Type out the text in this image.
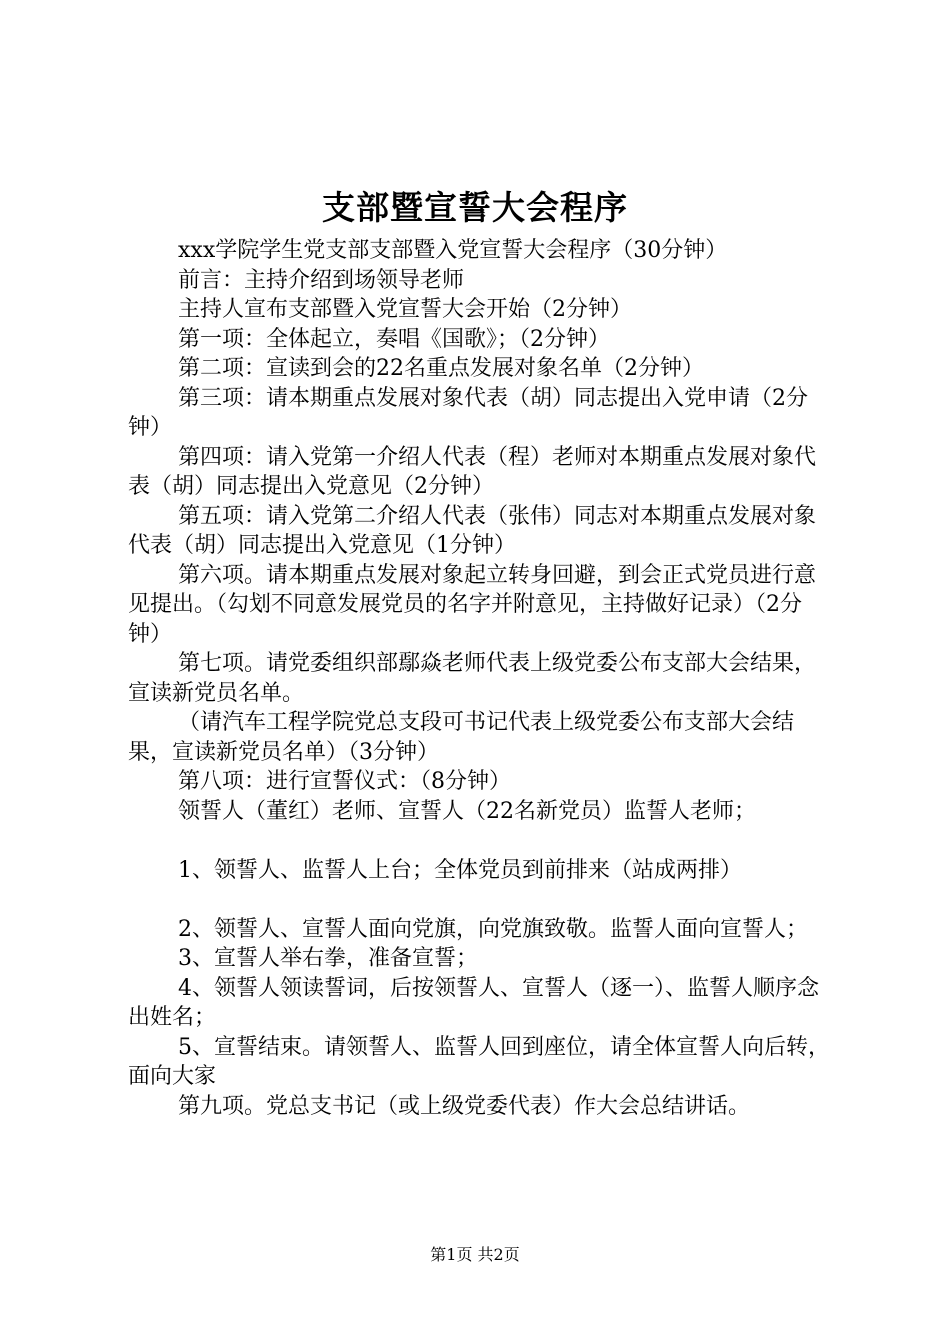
支部暨宣誓大会程序

xxx学院学生党支部支部暨入党宣誓大会程序（30分钟）

前言：主持介绍到场领导老师

主持人宣布支部暨入党宣誓大会开始（2分钟）

第一项：全体起立，奏唱《国歌》；（2分钟）

第二项：宣读到会的22名重点发展对象名单（2分钟）

第三项：请本期重点发展对象代表（胡）同志提出入党申请（2分钟）

第四项：请入党第一介绍人代表（程）老师对本期重点发展对象代表（胡）同志提出入党意见（2分钟）

第五项：请入党第二介绍人代表（张伟）同志对本期重点发展对象代表（胡）同志提出入党意见（1分钟）

第六项。请本期重点发展对象起立转身回避，到会正式党员进行意见提出。（勾划不同意发展党员的名字并附意见，主持做好记录）（2分钟）

第七项。请党委组织部鄢焱老师代表上级党委公布支部大会结果，宣读新党员名单。

（请汽车工程学院党总支段可书记代表上级党委公布支部大会结果，宣读新党员名单）（3分钟）

第八项：进行宣誓仪式：（8分钟）

领誓人（董红）老师、宣誓人（22名新党员）监誓人老师；

1、领誓人、监誓人上台；全体党员到前排来（站成两排）

2、领誓人、宣誓人面向党旗，向党旗致敬。监誓人面向宣誓人；

3、宣誓人举右拳，准备宣誓；

4、领誓人领读誓词，后按领誓人、宣誓人（逐一）、监誓人顺序念出姓名；

5、宣誓结束。请领誓人、监誓人回到座位，请全体宣誓人向后转，面向大家

第九项。党总支书记（或上级党委代表）作大会总结讲话。

第1页 共2页
